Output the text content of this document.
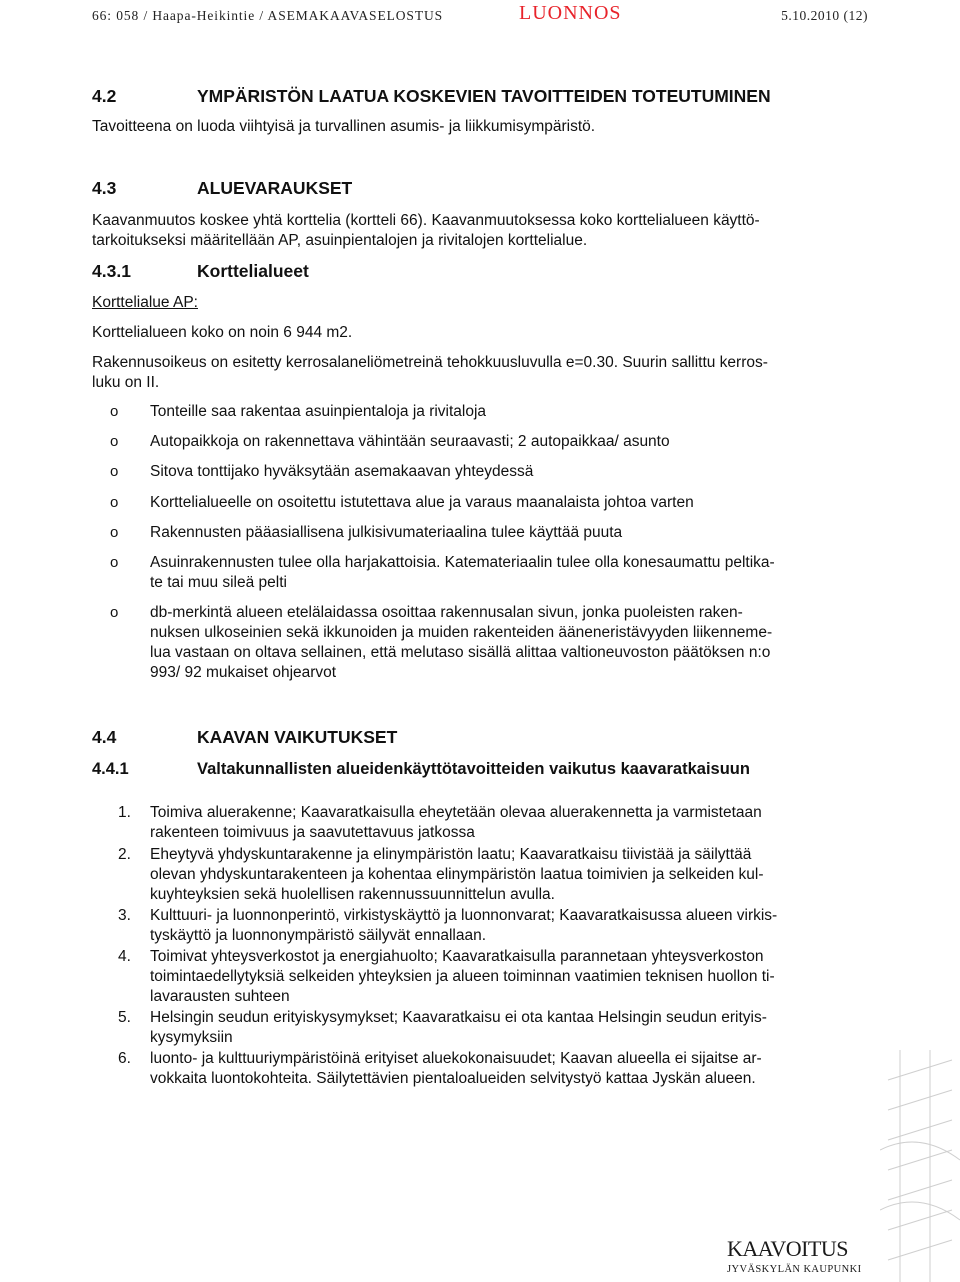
66: 058 / Haapa-Heikintie / ASEMAKAAVASELOSTUS	LUONNOS	5.10.2010 (12)
4.2	YMPÄRISTÖN LAATUA KOSKEVIEN TAVOITTEIDEN TOTEUTUMINEN
Tavoitteena on luoda viihtyisä ja turvallinen asumis- ja liikkumisympäristö.
4.3	ALUEVARAUKSET
Kaavanmuutos koskee yhtä korttelia (kortteli 66). Kaavanmuutoksessa koko korttelialueen käyttö-
tarkoitukseksi määritellään AP, asuinpientalojen ja rivitalojen korttelialue.
4.3.1	Korttelialueet
Korttelialue AP:
Korttelialueen koko on noin 6 944 m2.
Rakennusoikeus on esitetty kerrosalaneliömetreinä tehokkuusluvulla e=0.30. Suurin sallittu kerros-
luku on II.
o Tonteille saa rakentaa asuinpientaloja ja rivitaloja
o Autopaikkoja on rakennettava vähintään seuraavasti; 2 autopaikkaa/ asunto
o Sitova tonttijako hyväksytään asemakaavan yhteydessä
o Korttelialueelle on osoitettu istutettava alue ja varaus maanalaista johtoa varten
o Rakennusten pääasiallisena julkisivumateriaalina tulee käyttää puuta
o Asuinrakennusten tulee olla harjakattoisia. Katemateriaalin tulee olla konesaumattu peltika-
te tai muu sileä pelti
o db-merkintä alueen etelälaidassa osoittaa rakennusalan sivun, jonka puoleisten raken-
nuksen ulkoseinien sekä ikkunoiden ja muiden rakenteiden ääneneristävyyden liikenneme-
lua vastaan on oltava sellainen, että melutaso sisällä alittaa valtioneuvoston päätöksen n:o
993/ 92 mukaiset ohjearvot
4.4	KAAVAN VAIKUTUKSET
4.4.1	Valtakunnallisten alueidenkäyttötavoitteiden vaikutus kaavaratkaisuun
1. Toimiva aluerakenne; Kaavaratkaisulla eheytetään olevaa aluerakennetta ja varmistetaan
rakenteen toimivuus ja saavutettavuus jatkossa
2. Eheytyvä yhdyskuntarakenne ja elinympäristön laatu; Kaavaratkaisu tiivistää ja säilyttää
olevan yhdyskuntarakenteen ja kohentaa elinympäristön laatua toimivien ja selkeiden kul-
kuyhteyksien sekä huolellisen rakennussuunnittelun avulla.
3. Kulttuuri- ja luonnonperintö, virkistyskäyttö ja luonnonvarat; Kaavaratkaisussa alueen virkis-
tyskäyttö ja luonnonympäristö säilyvät ennallaan.
4. Toimivat yhteysverkostot ja energiahuolto; Kaavaratkaisulla parannetaan yhteysverkoston
toimintaedellytyksiä selkeiden yhteyksien ja alueen toiminnan vaatimien teknisen huollon ti-
lavarausten suhteen
5. Helsingin seudun erityiskysymykset; Kaavaratkaisu ei ota kantaa Helsingin seudun erityis-
kysymyksiin
6. luonto- ja kulttuuriympäristöinä erityiset aluekokonaisuudet; Kaavan alueella ei sijaitse ar-
vokkaita luontokohteita. Säilytettävien pientaloalueiden selvitystyö kattaa Jyskän alueen.
KAAVOITUS
JYVÄSKYLÄN KAUPUNKI
